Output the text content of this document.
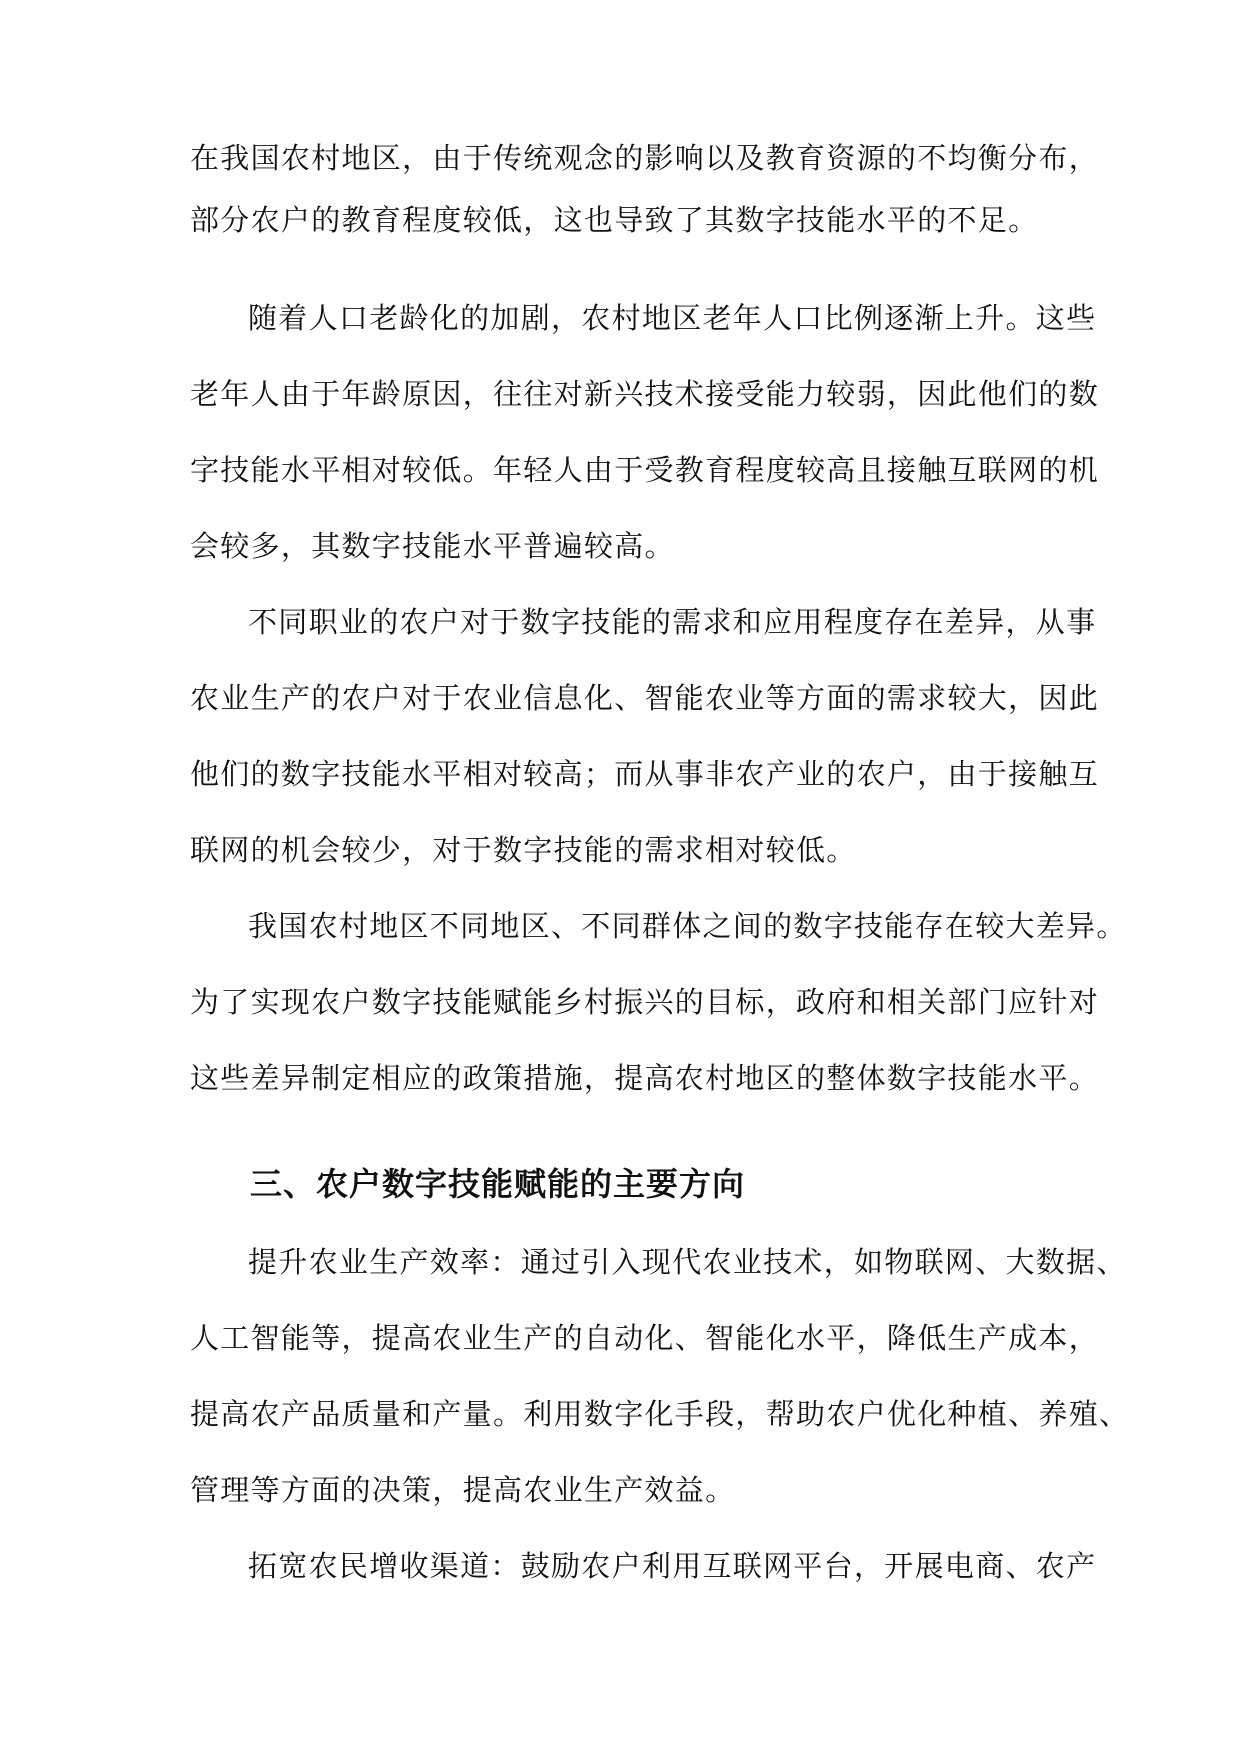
在我国农村地区，由于传统观念的影响以及教育资源的不均衡分布，
部分农户的教育程度较低，这也导致了其数字技能水平的不足。
随着人口老龄化的加剧，农村地区老年人口比例逐渐上升。这些
老年人由于年龄原因，往往对新兴技术接受能力较弱，因此他们的数
字技能水平相对较低。年轻人由于受教育程度较高且接触互联网的机
会较多，其数字技能水平普遍较高。
不同职业的农户对于数字技能的需求和应用程度存在差异，从事
农业生产的农户对于农业信息化、智能农业等方面的需求较大，因此
他们的数字技能水平相对较高；而从事非农产业的农户，由于接触互
联网的机会较少，对于数字技能的需求相对较低。
我国农村地区不同地区、不同群体之间的数字技能存在较大差异。
为了实现农户数字技能赋能乡村振兴的目标，政府和相关部门应针对
这些差异制定相应的政策措施，提高农村地区的整体数字技能水平。
三、农户数字技能赋能的主要方向
提升农业生产效率：通过引入现代农业技术，如物联网、大数据、
人工智能等，提高农业生产的自动化、智能化水平，降低生产成本，
提高农产品质量和产量。利用数字化手段，帮助农户优化种植、养殖、
管理等方面的决策，提高农业生产效益。
拓宽农民增收渠道：鼓励农户利用互联网平台，开展电商、农产
